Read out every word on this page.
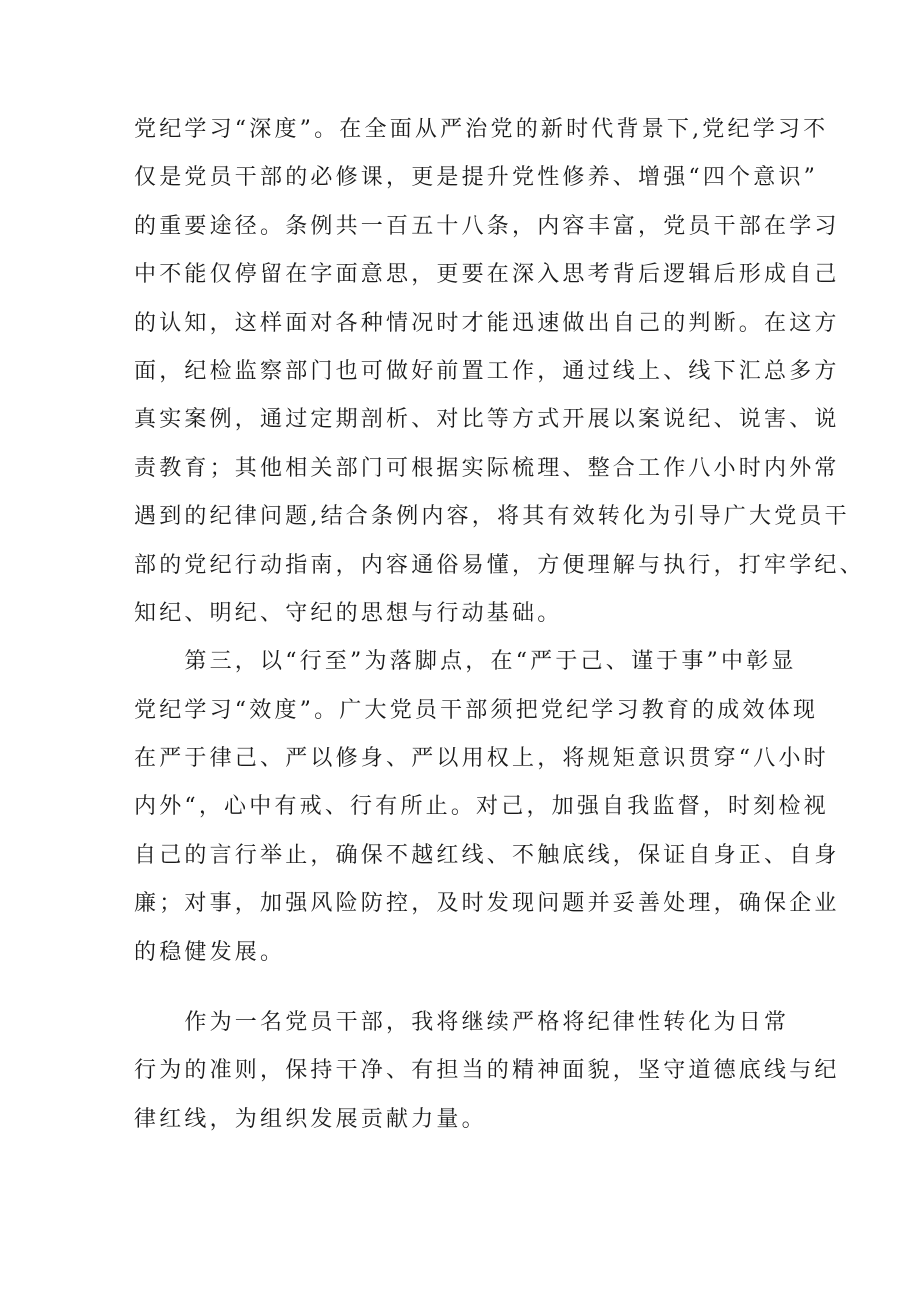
党纪学习“深度”。在全面从严治党的新时代背景下,党纪学习不
仅是党员干部的必修课，更是提升党性修养、增强“四个意识”
的重要途径。条例共一百五十八条，内容丰富，党员干部在学习
中不能仅停留在字面意思，更要在深入思考背后逻辑后形成自己
的认知，这样面对各种情况时才能迅速做出自己的判断。在这方
面，纪检监察部门也可做好前置工作，通过线上、线下汇总多方
真实案例，通过定期剖析、对比等方式开展以案说纪、说害、说
责教育；其他相关部门可根据实际梳理、整合工作八小时内外常
遇到的纪律问题,结合条例内容，将其有效转化为引导广大党员干
部的党纪行动指南，内容通俗易懂，方便理解与执行，打牢学纪、
知纪、明纪、守纪的思想与行动基础。
　　第三，以“行至”为落脚点，在“严于己、谨于事”中彰显
党纪学习“效度”。广大党员干部须把党纪学习教育的成效体现
在严于律己、严以修身、严以用权上，将规矩意识贯穿“八小时
内外“，心中有戒、行有所止。对己，加强自我监督，时刻检视
自己的言行举止，确保不越红线、不触底线，保证自身正、自身
廉；对事，加强风险防控，及时发现问题并妥善处理，确保企业
的稳健发展。
　　作为一名党员干部，我将继续严格将纪律性转化为日常
行为的准则，保持干净、有担当的精神面貌，坚守道德底线与纪
律红线，为组织发展贡献力量。
